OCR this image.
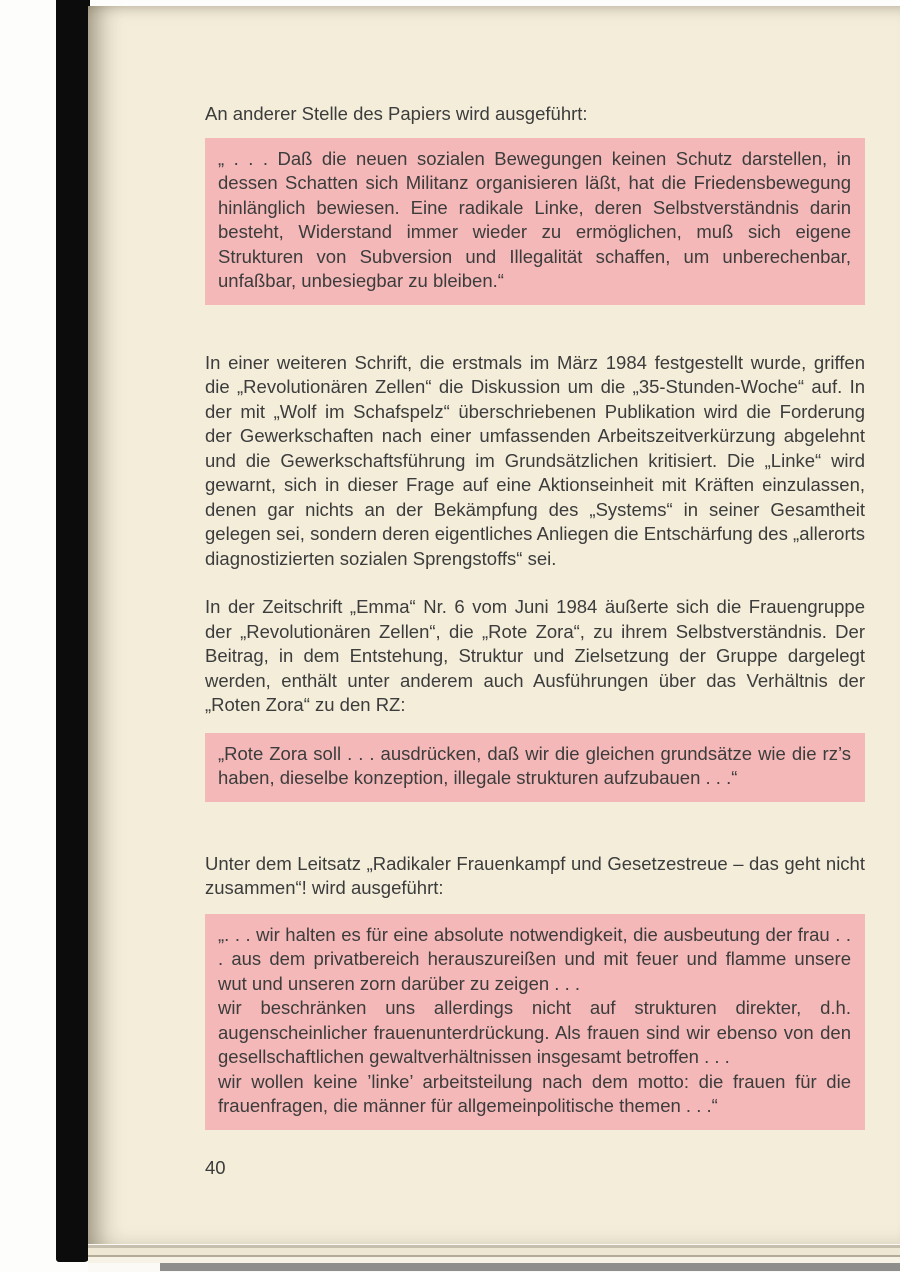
An anderer Stelle des Papiers wird ausgeführt:

„ . . . Daß die neuen sozialen Bewegungen keinen Schutz darstellen, in dessen Schatten sich Militanz organisieren läßt, hat die Friedensbewegung hinlänglich bewiesen. Eine radikale Linke, deren Selbstverständnis darin besteht, Widerstand immer wieder zu ermöglichen, muß sich eigene Strukturen von Subversion und Illegalität schaffen, um unberechenbar, unfaßbar, unbesiegbar zu bleiben.“

In einer weiteren Schrift, die erstmals im März 1984 festgestellt wurde, griffen die „Revolutionären Zellen“ die Diskussion um die „35-Stunden-Woche“ auf. In der mit „Wolf im Schafspelz“ überschriebenen Publikation wird die Forderung der Gewerkschaften nach einer umfassenden Arbeitszeitverkürzung abgelehnt und die Gewerkschaftsführung im Grundsätzlichen kritisiert. Die „Linke“ wird gewarnt, sich in dieser Frage auf eine Aktionseinheit mit Kräften einzulassen, denen gar nichts an der Bekämpfung des „Systems“ in seiner Gesamtheit gelegen sei, sondern deren eigentliches Anliegen die Entschärfung des „allerorts diagnostizierten sozialen Sprengstoffs“ sei.

In der Zeitschrift „Emma“ Nr. 6 vom Juni 1984 äußerte sich die Frauengruppe der „Revolutionären Zellen“, die „Rote Zora“, zu ihrem Selbstverständnis. Der Beitrag, in dem Entstehung, Struktur und Zielsetzung der Gruppe dargelegt werden, enthält unter anderem auch Ausführungen über das Verhältnis der „Roten Zora“ zu den RZ:

„Rote Zora soll . . . ausdrücken, daß wir die gleichen grundsätze wie die rz’s haben, dieselbe konzeption, illegale strukturen aufzubauen . . .“

Unter dem Leitsatz „Radikaler Frauenkampf und Gesetzestreue – das geht nicht zusammen“! wird ausgeführt:

„. . . wir halten es für eine absolute notwendigkeit, die ausbeutung der frau . . . aus dem privatbereich herauszureißen und mit feuer und flamme unsere wut und unseren zorn darüber zu zeigen . . .

wir beschränken uns allerdings nicht auf strukturen direkter, d.h. augenscheinlicher frauenunterdrückung. Als frauen sind wir ebenso von den gesellschaftlichen gewaltverhältnissen insgesamt betroffen . . .

wir wollen keine ’linke’ arbeitsteilung nach dem motto: die frauen für die frauenfragen, die männer für allgemeinpolitische themen . . .“

40
